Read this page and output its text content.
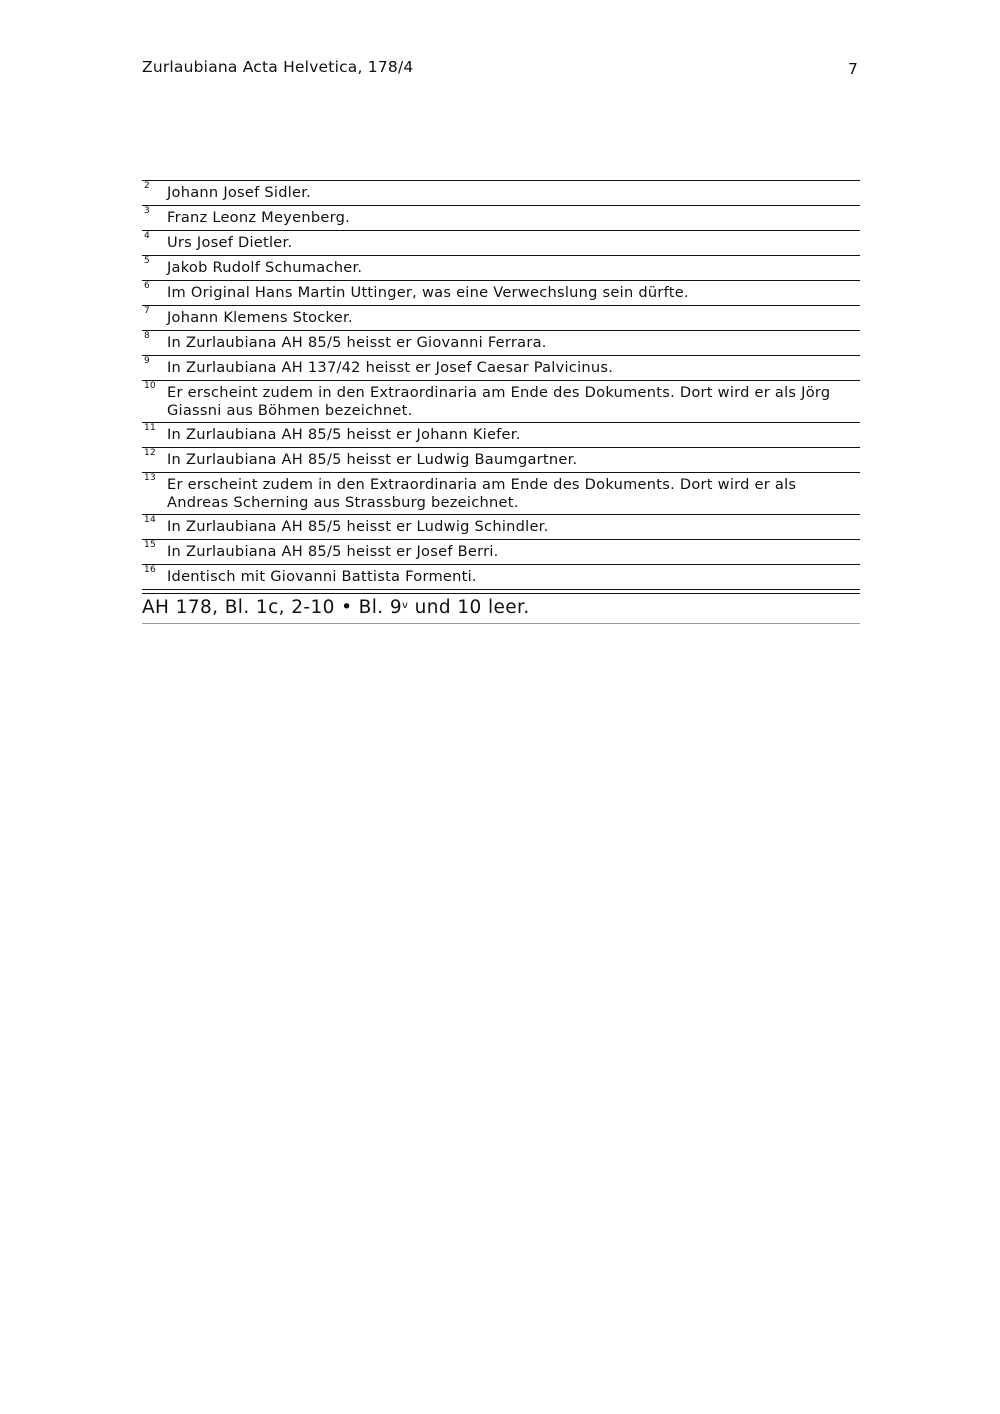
Zurlaubiana Acta Helvetica, 178/4	7
2 Johann Josef Sidler.
3 Franz Leonz Meyenberg.
4 Urs Josef Dietler.
5 Jakob Rudolf Schumacher.
6 Im Original Hans Martin Uttinger, was eine Verwechslung sein dürfte.
7 Johann Klemens Stocker.
8 In Zurlaubiana AH 85/5 heisst er Giovanni Ferrara.
9 In Zurlaubiana AH 137/42 heisst er Josef Caesar Palvicinus.
10 Er erscheint zudem in den Extraordinaria am Ende des Dokuments. Dort wird er als Jörg Giassni aus Böhmen bezeichnet.
11 In Zurlaubiana AH 85/5 heisst er Johann Kiefer.
12 In Zurlaubiana AH 85/5 heisst er Ludwig Baumgartner.
13 Er erscheint zudem in den Extraordinaria am Ende des Dokuments. Dort wird er als Andreas Scherning aus Strassburg bezeichnet.
14 In Zurlaubiana AH 85/5 heisst er Ludwig Schindler.
15 In Zurlaubiana AH 85/5 heisst er Josef Berri.
16 Identisch mit Giovanni Battista Formenti.
AH 178, Bl. 1c, 2-10 • Bl. 9$^v$ und 10 leer.
